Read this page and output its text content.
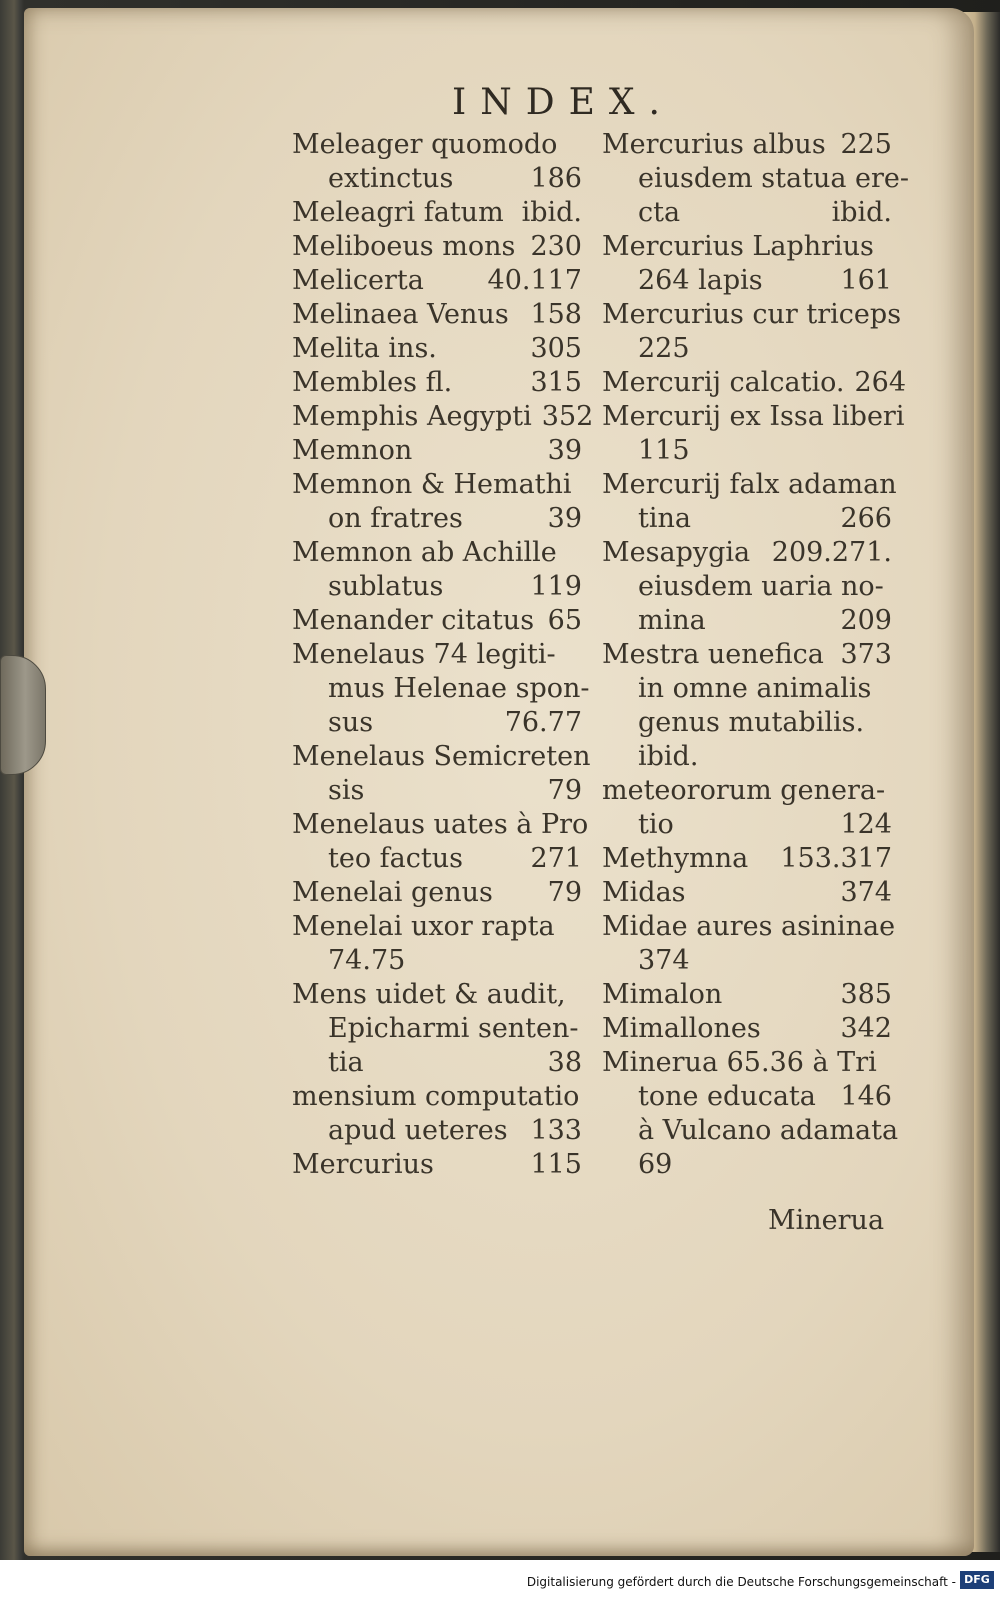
INDEX.
Meleager quomodo
extinctus	186
Meleagri fatum ibid.
Meliboeus mons 230
Melicerta	40.117
Melinaea Venus 158
Melita ins.	305
Membles fl.	315
Memphis Aegypti 352
Memnon	39
Memnon & Hemathi
on fratres	39
Memnon ab Achille
sublatus	119
Menander citatus 65
Menelaus 74 legiti-
mus Helenae spon-
sus	76.77
Menelaus Semicreten
sis	79
Menelaus uates à Pro
teo factus	271
Menelai genus	79
Menelai uxor rapta
74.75
Mens uidet & audit,
Epicharmi senten-
tia	38
mensium computatio
apud ueteres 133
Mercurius	115
Mercurius albus 225
eiusdem statua ere-
cta	ibid.
Mercurius Laphrius
264 lapis	161
Mercurius cur triceps
225
Mercurij calcatio. 264
Mercurij ex Issa liberi
115
Mercurij falx adaman
tina	266
Mesapygia 209.271.
eiusdem uaria no-
mina	209
Mestra uenefica 373
in omne animalis
genus mutabilis.
ibid.
meteororum genera-
tio	124
Methymna	153.317
Midas	374
Midae aures asininae
374
Mimalon	385
Mimallones	342
Minerua 65.36 à Tri
tone educata 146
à Vulcano adamata
69
Minerua
Digitalisierung gefördert durch die Deutsche Forschungsgemeinschaft - DFG
